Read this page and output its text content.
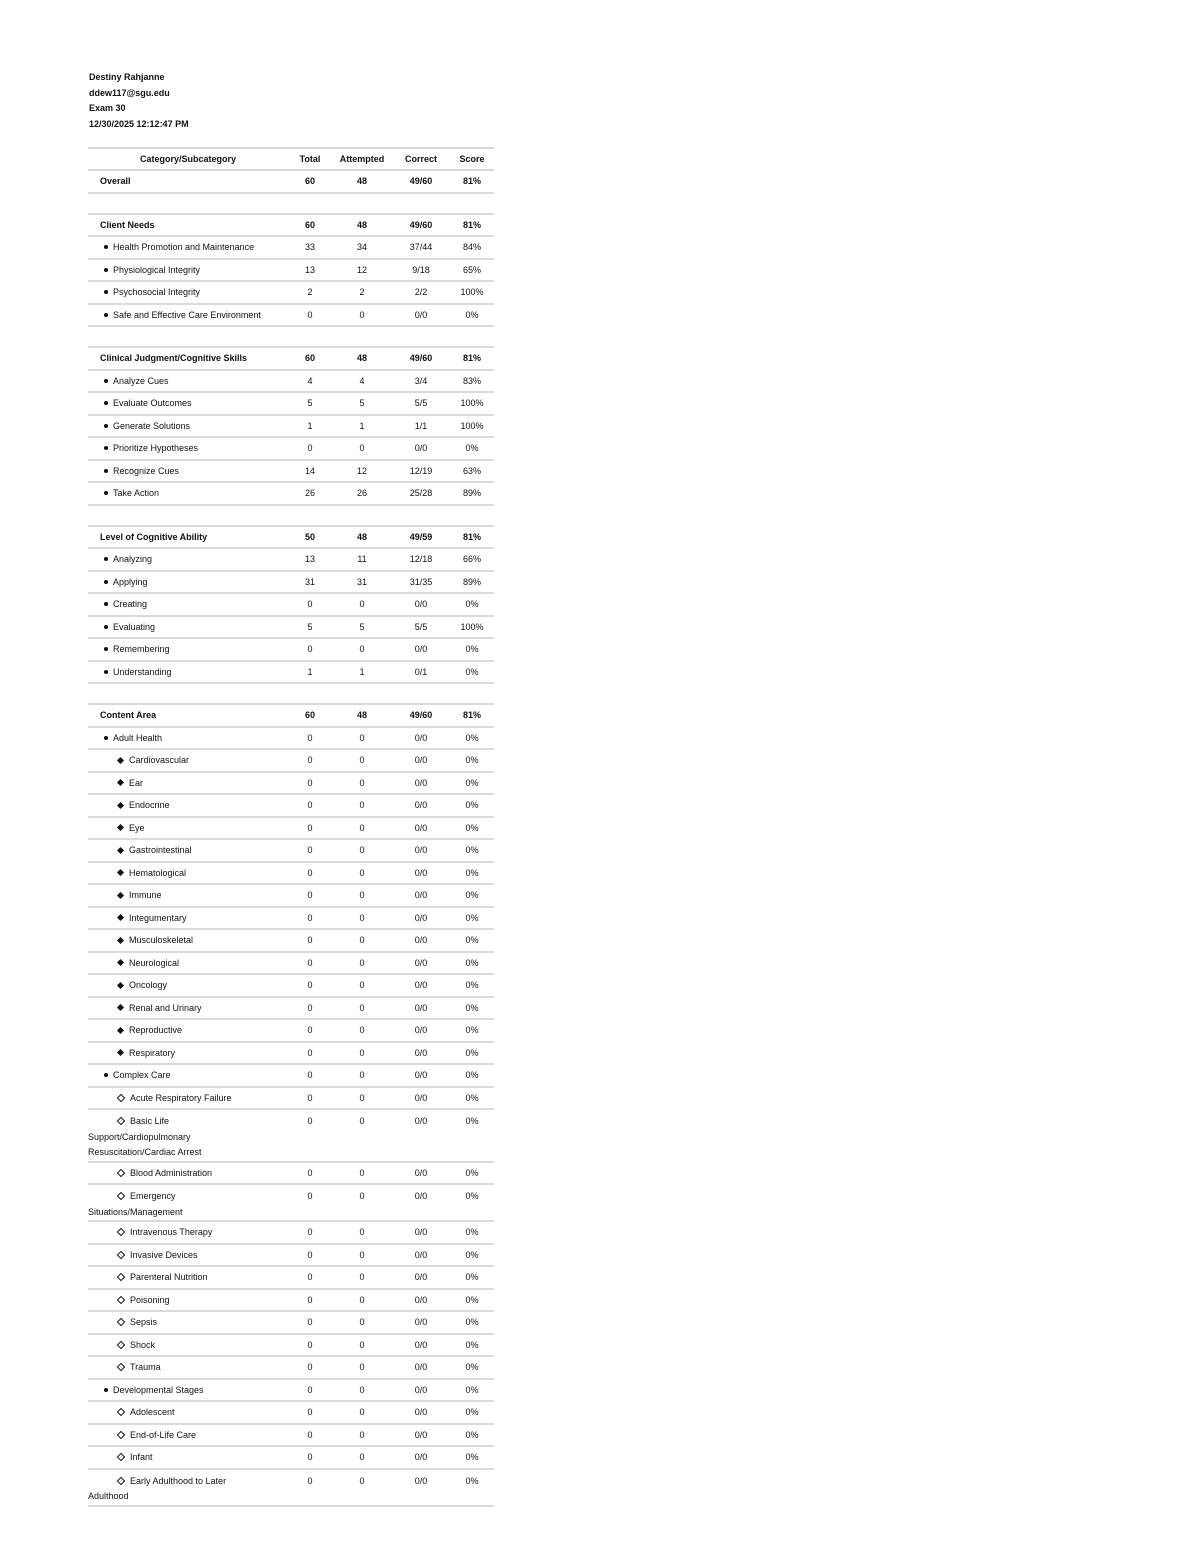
Destiny Rahjanne
ddew117@sgu.edu
Exam 30
12/30/2025 12:12:47 PM
Category/Subcategory	Total	Attempted	Correct	Score
Overall	60	48	49/60	81%

Client Needs	60	48	49/60	81%
Health Promotion and Maintenance	33	34	37/44	84%
Physiological Integrity	13	12	9/18	65%
Psychosocial Integrity	2	2	2/2	100%
Safe and Effective Care Environment	0	0	0/0	0%

Clinical Judgment/Cognitive Skills	60	48	49/60	81%
Analyze Cues	4	4	3/4	83%
Evaluate Outcomes	5	5	5/5	100%
Generate Solutions	1	1	1/1	100%
Prioritize Hypotheses	0	0	0/0	0%
Recognize Cues	14	12	12/19	63%
Take Action	26	26	25/28	89%

Level of Cognitive Ability	50	48	49/59	81%
Analyzing	13	11	12/18	66%
Applying	31	31	31/35	89%
Creating	0	0	0/0	0%
Evaluating	5	5	5/5	100%
Remembering	0	0	0/0	0%
Understanding	1	1	0/1	0%

Content Area	60	48	49/60	81%
Adult Health	0	0	0/0	0%
Cardiovascular	0	0	0/0	0%
Ear	0	0	0/0	0%
Endocrine	0	0	0/0	0%
Eye	0	0	0/0	0%
Gastrointestinal	0	0	0/0	0%
Hematological	0	0	0/0	0%
Immune	0	0	0/0	0%
Integumentary	0	0	0/0	0%
Musculoskeletal	0	0	0/0	0%
Neurological	0	0	0/0	0%
Oncology	0	0	0/0	0%
Renal and Urinary	0	0	0/0	0%
Reproductive	0	0	0/0	0%
Respiratory	0	0	0/0	0%
Complex Care	0	0	0/0	0%
Acute Respiratory Failure	0	0	0/0	0%
Basic Life
Support/Cardiopulmonary
Resuscitation/Cardiac Arrest	0	0	0/0	0%
Blood Administration	0	0	0/0	0%
Emergency
Situations/Management	0	0	0/0	0%
Intravenous Therapy	0	0	0/0	0%
Invasive Devices	0	0	0/0	0%
Parenteral Nutrition	0	0	0/0	0%
Poisoning	0	0	0/0	0%
Sepsis	0	0	0/0	0%
Shock	0	0	0/0	0%
Trauma	0	0	0/0	0%
Developmental Stages	0	0	0/0	0%
Adolescent	0	0	0/0	0%
End-of-Life Care	0	0	0/0	0%
Infant	0	0	0/0	0%
Early Adulthood to Later
Adulthood	0	0	0/0	0%
